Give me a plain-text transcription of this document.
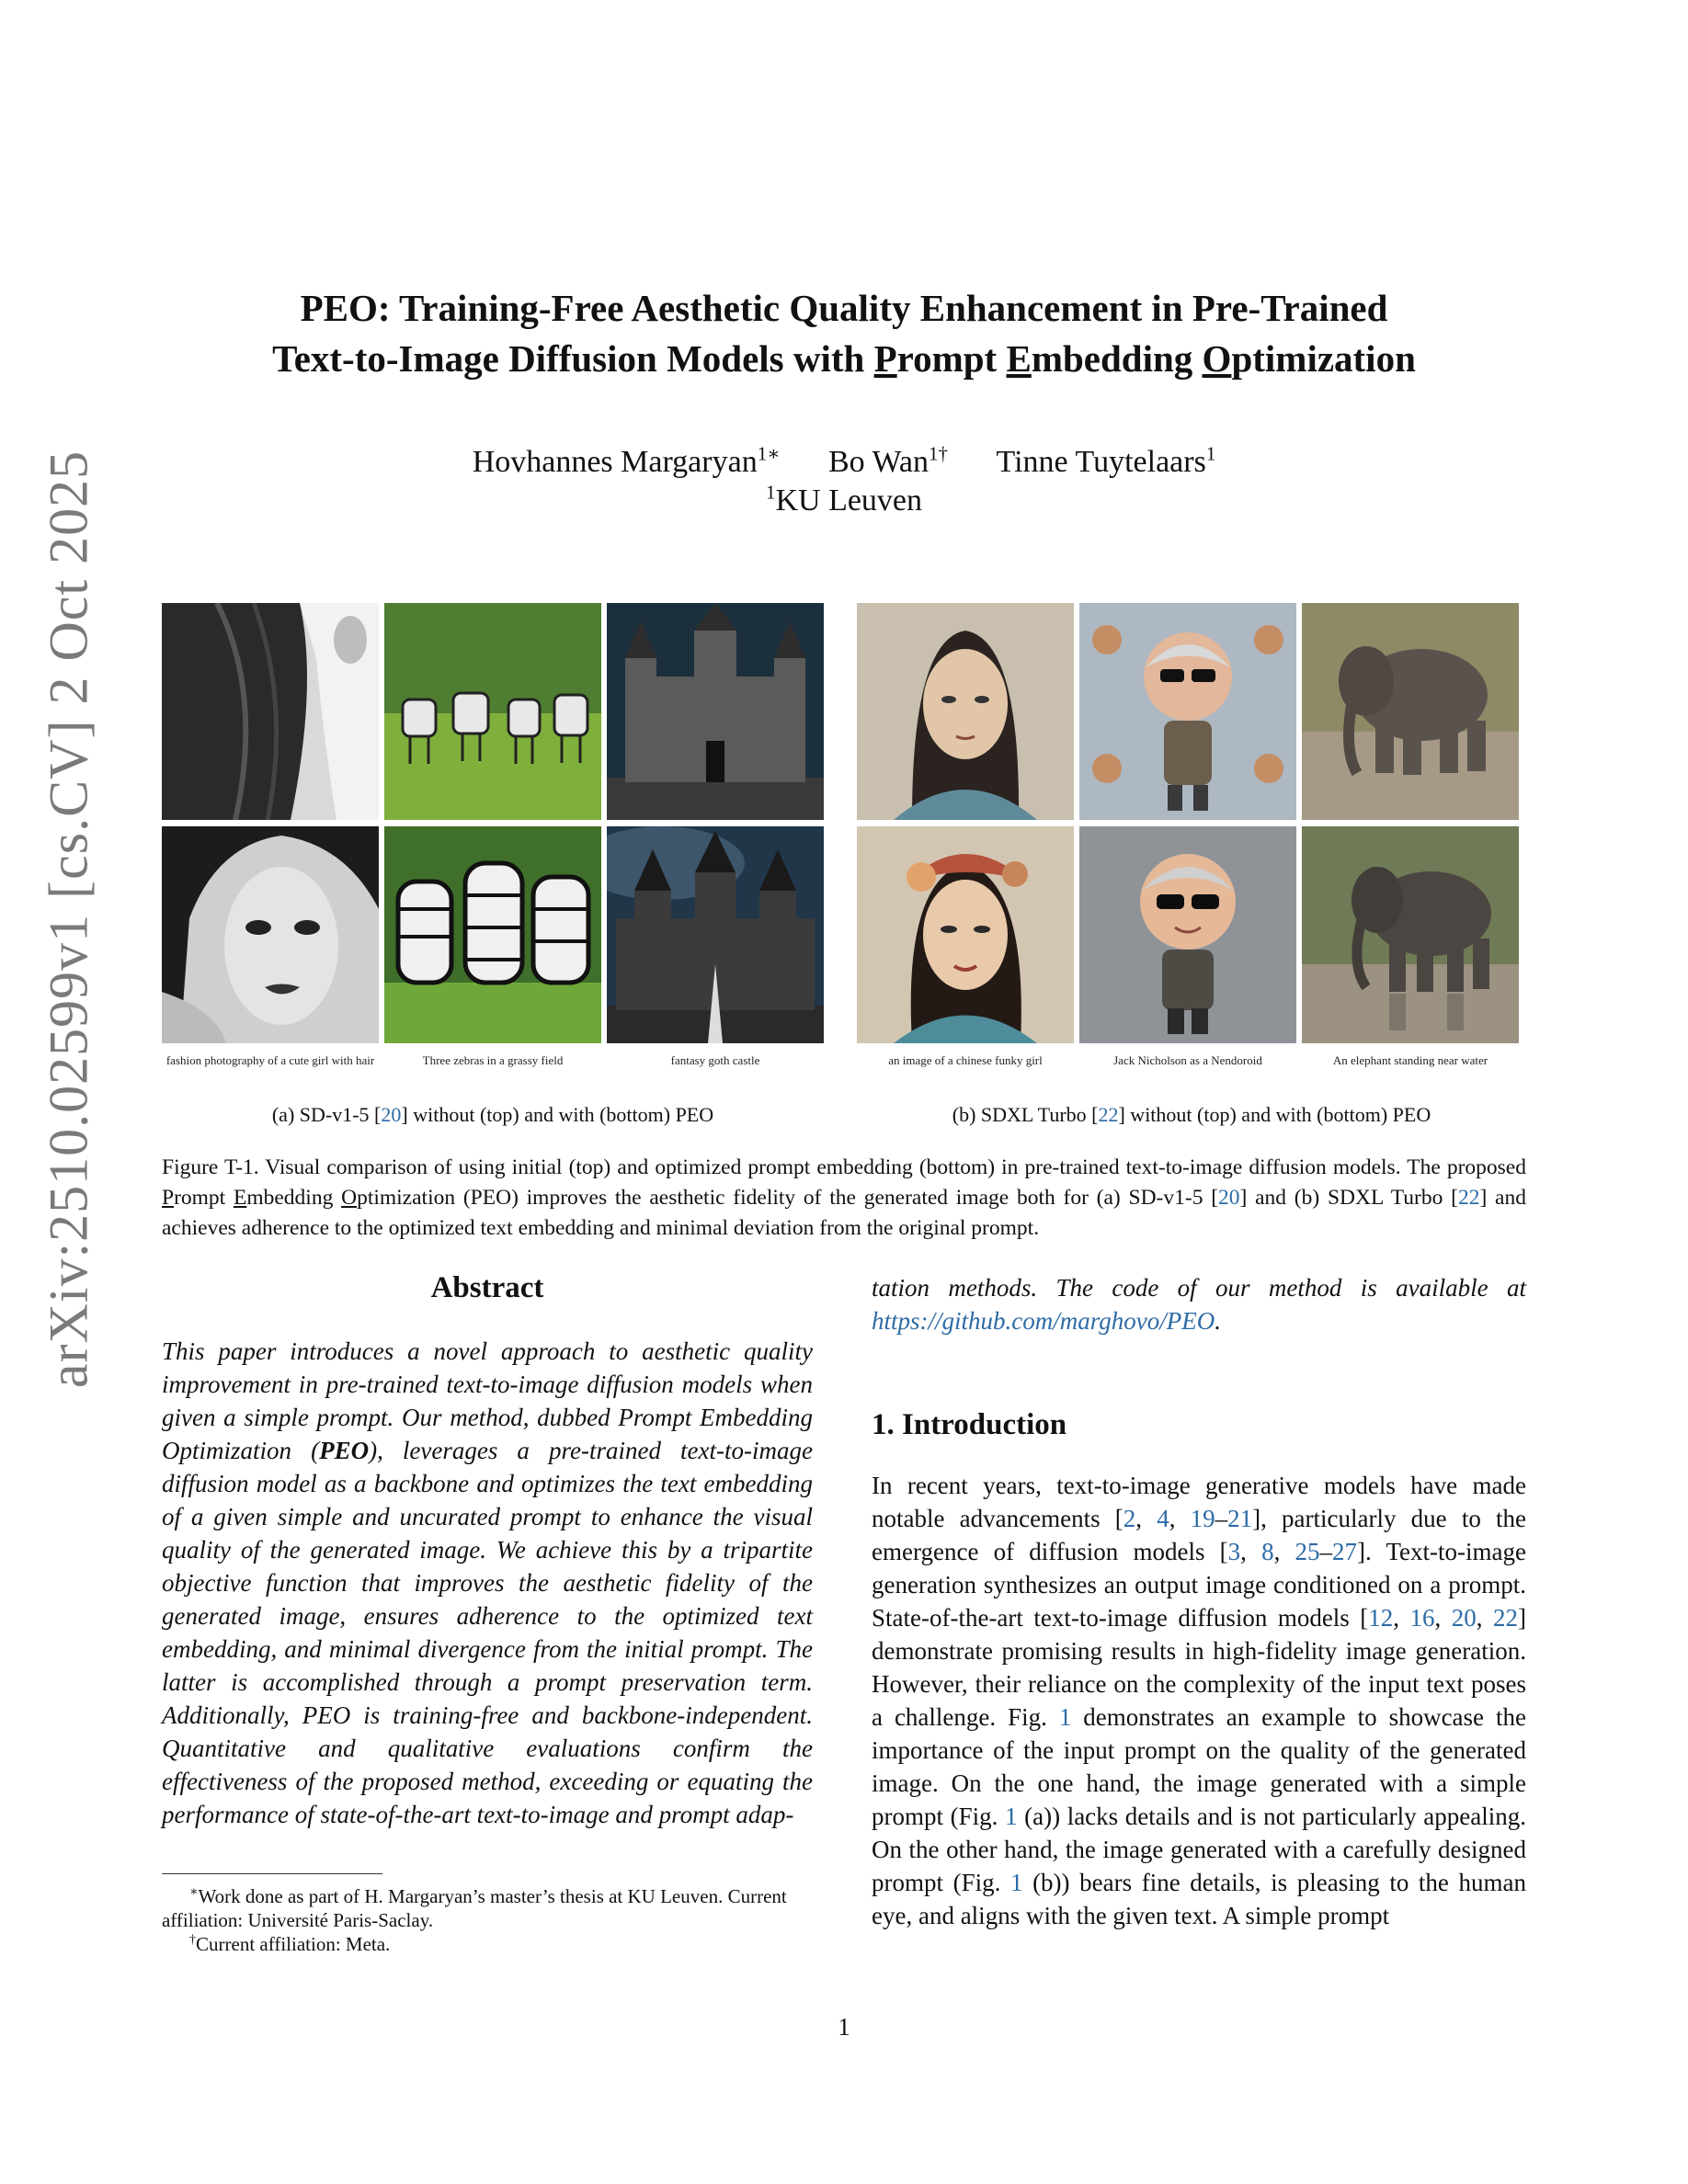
arXiv:2510.02599v1 [cs.CV] 2 Oct 2025
PEO: Training-Free Aesthetic Quality Enhancement in Pre-Trained
Text-to-Image Diffusion Models with Prompt Embedding Optimization
Hovhannes Margaryan$^{1∗}$ Bo Wan$^{1\dagger}$ Tinne Tuytelaars$^1$
$^1$KU Leuven
fashion photography of a cute girl with hair	Three zebras in a grassy field	fantasy goth castle
(a) SD-v1-5 [20] without (top) and with (bottom) PEO
an image of a chinese funky girl	Jack Nicholson as a Nendoroid	An elephant standing near water
(b) SDXL Turbo [22] without (top) and with (bottom) PEO
Figure T-1. Visual comparison of using initial (top) and optimized prompt embedding (bottom) in pre-trained text-to-image diffusion models. The proposed Prompt Embedding Optimization (PEO) improves the aesthetic fidelity of the generated image both for (a) SD-v1-5 [20] and (b) SDXL Turbo [22] and achieves adherence to the optimized text embedding and minimal deviation from the original prompt.
Abstract
This paper introduces a novel approach to aesthetic quality improvement in pre-trained text-to-image diffusion models when given a simple prompt. Our method, dubbed Prompt Embedding Optimization (PEO), leverages a pre-trained text-to-image diffusion model as a backbone and optimizes the text embedding of a given simple and uncurated prompt to enhance the visual quality of the generated image. We achieve this by a tripartite objective function that improves the aesthetic fidelity of the generated image, ensures adherence to the optimized text embedding, and minimal divergence from the initial prompt. The latter is accomplished through a prompt preservation term. Additionally, PEO is training-free and backbone-independent. Quantitative and qualitative evaluations confirm the effectiveness of the proposed method, exceeding or equating the performance of state-of-the-art text-to-image and prompt adap-

∗Work done as part of H. Margaryan’s master’s thesis at KU Leuven. Current affiliation: Université Paris-Saclay.

†Current affiliation: Meta.

tation methods. The code of our method is available at https://github.com/marghovo/PEO.
1. Introduction
In recent years, text-to-image generative models have made notable advancements [2, 4, 19–21], particularly due to the emergence of diffusion models [3, 8, 25–27]. Text-to-image generation synthesizes an output image conditioned on a prompt. State-of-the-art text-to-image diffusion models [12, 16, 20, 22] demonstrate promising results in high-fidelity image generation. However, their reliance on the complexity of the input text poses a challenge. Fig. 1 demonstrates an example to showcase the importance of the input prompt on the quality of the generated image. On the one hand, the image generated with a simple prompt (Fig. 1 (a)) lacks details and is not particularly appealing. On the other hand, the image generated with a carefully designed prompt (Fig. 1 (b)) bears fine details, is pleasing to the human eye, and aligns with the given text. A simple prompt
1
